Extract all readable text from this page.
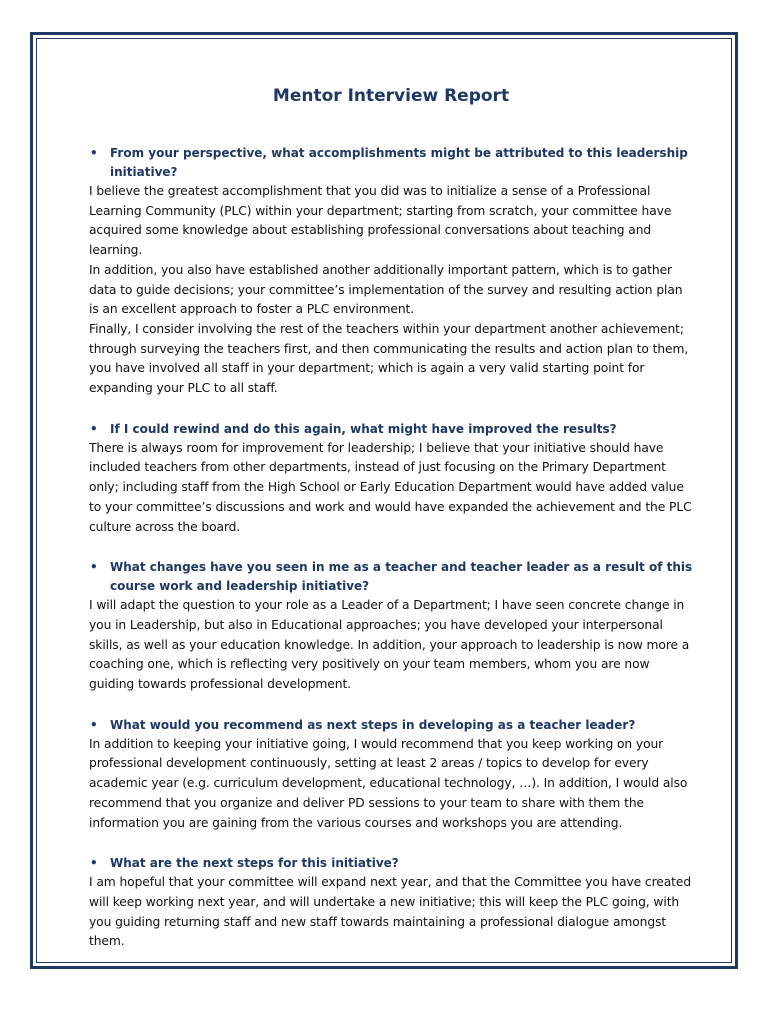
Mentor Interview Report
•	From your perspective, what accomplishments might be attributed to this leadership initiative?

I believe the greatest accomplishment that you did was to initialize a sense of a Professional Learning Community (PLC) within your department; starting from scratch, your committee have acquired some knowledge about establishing professional conversations about teaching and learning.

In addition, you also have established another additionally important pattern, which is to gather data to guide decisions; your committee’s implementation of the survey and resulting action plan is an excellent approach to foster a PLC environment.

Finally, I consider involving the rest of the teachers within your department another achievement; through surveying the teachers first, and then communicating the results and action plan to them, you have involved all staff in your department; which is again a very valid starting point for expanding your PLC to all staff.

•	If I could rewind and do this again, what might have improved the results?

There is always room for improvement for leadership; I believe that your initiative should have included teachers from other departments, instead of just focusing on the Primary Department only; including staff from the High School or Early Education Department would have added value to your committee’s discussions and work and would have expanded the achievement and the PLC culture across the board.

•	What changes have you seen in me as a teacher and teacher leader as a result of this course work and leadership initiative?

I will adapt the question to your role as a Leader of a Department; I have seen concrete change in you in Leadership, but also in Educational approaches; you have developed your interpersonal skills, as well as your education knowledge. In addition, your approach to leadership is now more a coaching one, which is reflecting very positively on your team members, whom you are now guiding towards professional development.

•	What would you recommend as next steps in developing as a teacher leader?

In addition to keeping your initiative going, I would recommend that you keep working on your professional development continuously, setting at least 2 areas / topics to develop for every academic year (e.g. curriculum development, educational technology, …). In addition, I would also recommend that you organize and deliver PD sessions to your team to share with them the information you are gaining from the various courses and workshops you are attending.

•	What are the next steps for this initiative?

I am hopeful that your committee will expand next year, and that the Committee you have created will keep working next year, and will undertake a new initiative; this will keep the PLC going, with you guiding returning staff and new staff towards maintaining a professional dialogue amongst them.
